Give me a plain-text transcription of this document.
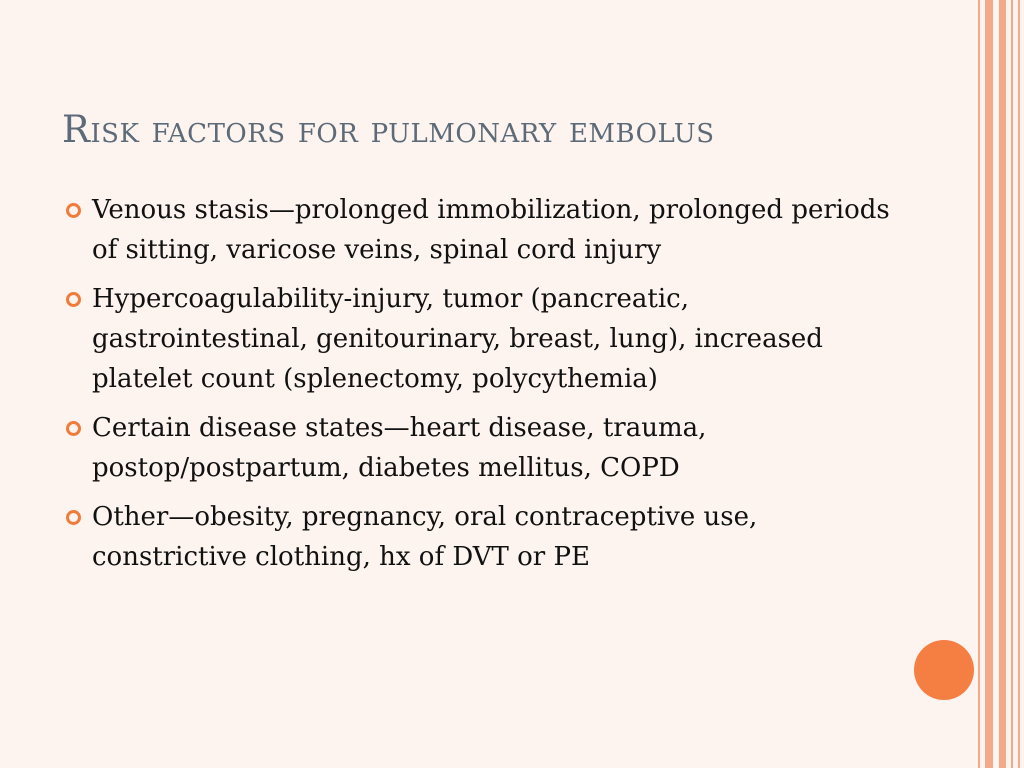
Risk factors for pulmonary embolus
Venous stasis—prolonged immobilization, prolonged periods of sitting, varicose veins, spinal cord injury
Hypercoagulability-injury, tumor (pancreatic, gastrointestinal, genitourinary, breast, lung), increased platelet count (splenectomy, polycythemia)
Certain disease states—heart disease, trauma, postop/postpartum, diabetes mellitus, COPD
Other—obesity, pregnancy, oral contraceptive use, constrictive clothing, hx of DVT or PE
